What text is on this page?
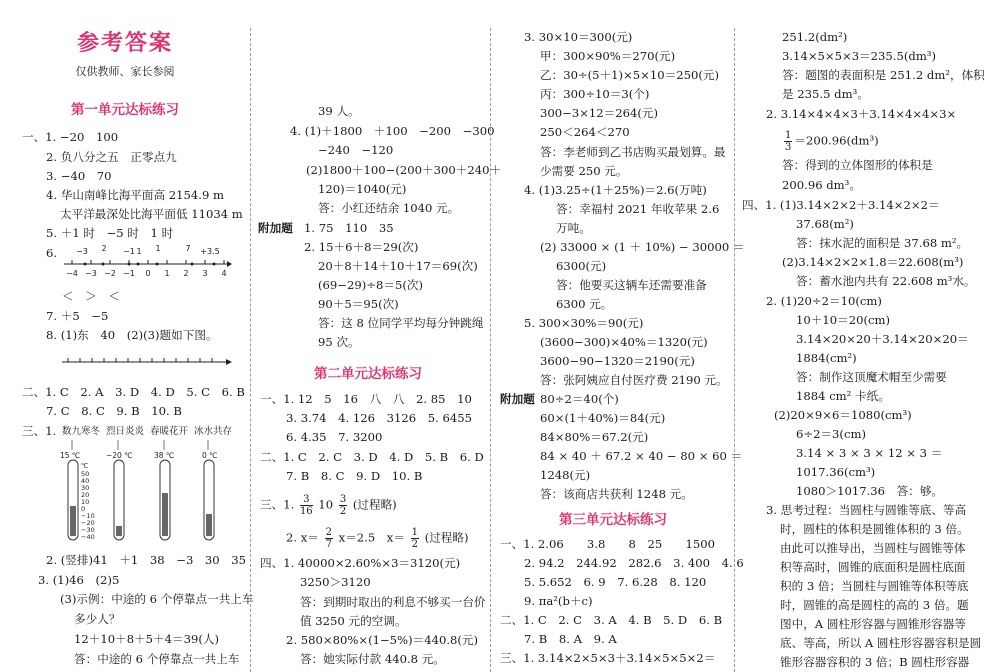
参考答案
仅供教师、家长参阅
第一单元达标练习
一、1. −20　100
2. 负八分之五　正零点九
3. −40　70
4. 华山南峰比海平面高 2154.9 m
太平洋最深处比海平面低 11034 m
5. ＋1 时　−5 时　1 时
6. −3 2 −1 1 1	7 +3.5
−4 −3 −2 −1 0 1 2 3 4
＜　＞　＜
7. ＋5　−5
8. (1)东　40　(2)(3)题如下图。
二、1. C　2. A　3. D　4. D　5. C　6. B
7. C　8. C　9. B　10. B
三、1. 数九寒冬 烈日炎炎 春暖花开 冰水共存
15 ℃	−20 ℃	38 ℃	0 ℃
℃
50
40
30
20
10
0
−10
−20
−30
−40
2. (竖排)41　＋1　38　−3　30　35
3. (1)46　(2)5
(3)示例：中途的 6 个停靠点一共上车
多少人？
12＋10＋8＋5＋4＝39(人)
答：中途的 6 个停靠点一共上车
39 人。
4. (1)＋1800　＋100　−200　−300
−240　−120
(2)1800＋100−(200＋300＋240＋
120)＝1040(元)
答：小红还结余 1040 元。
附加题 1. 75　110　35
2. 15＋6＋8＝29(次)
20＋8＋14＋10＋17＝69(次)
(69−29)÷8＝5(次)
90＋5＝95(次)
答：这 8 位同学平均每分钟跳绳
95 次。
第二单元达标练习
一、1. 12　5　16　八　八　2. 85　10
3. 3.74　4. 126　3126　5. 6455
6. 4.35　7. 3200
二、1. C　2. C　3. D　4. D　5. B　6. D
7. B　8. C　9. D　10. B
三、1. $\frac{3}{16} 10 \frac{3}{2}$ (过程略)
2. $x= \frac{2}{7} x=2.5$　$x= \frac{1}{2}$ (过程略)
四、1. 40000×2.60%×3＝3120(元)
3250＞3120
答：到期时取出的利息不够买一台价
值 3250 元的空调。
2. 580×80%×(1−5%)＝440.8(元)
答：她实际付款 440.8 元。
3. 30×10＝300(元)
甲：300×90%＝270(元)
乙：30÷(5＋1)×5×10＝250(元)
丙：300÷10＝3(个)
300−3×12＝264(元)
250＜264＜270
答：李老师到乙书店购买最划算。最
少需要 250 元。
4. (1)3.25÷(1＋25%)＝2.6(万吨)
答：幸福村 2021 年收苹果 2.6
万吨。
(2) 33000 × (1 ＋ 10%) − 30000 ＝
6300(元)
答：他要买这辆车还需要准备
6300 元。
5. 300×30%＝90(元)
(3600−300)×40%＝1320(元)
3600−90−1320＝2190(元)
答：张阿姨应自付医疗费 2190 元。
附加题 80÷2＝40(个)
60×(1＋40%)＝84(元)
84×80%＝67.2(元)
84 × 40 ＋ 67.2 × 40 − 80 × 60 ＝
1248(元)
答：该商店共获利 1248 元。
第三单元达标练习
一、1. 2.06　　3.8　　8　25　　1500
2. 94.2　244.92　282.6　3. 400　4. 6
5. 5.652　6. 9　7. 6.28　8. 120
9. πa²(b＋c)
二、1. C　2. C　3. A　4. B　5. D　6. B
7. B　8. A　9. A
三、1. 3.14×2×5×3＋3.14×5×5×2＝
251.2(dm²)
3.14×5×5×3＝235.5(dm³)
答：题图的表面积是 251.2 dm²，体积
是 235.5 dm³。
2. 3.14×4×4×3＋3.14×4×4×3×
$\frac{1}{3} =200.96(dm^3)$
答：得到的立体图形的体积是
200.96 dm³。
四、1. (1)3.14×2×2＋3.14×2×2＝
37.68(m²)
答：抹水泥的面积是 37.68 m²。
(2)3.14×2×2×1.8＝22.608(m³)
答：蓄水池内共有 22.608 m³水。
2. (1)20÷2＝10(cm)
10＋10＝20(cm)
3.14×20×20＋3.14×20×20＝
1884(cm²)
答：制作这顶魔术帽至少需要
1884 cm² 卡纸。
(2)20×9×6＝1080(cm³)
6÷2＝3(cm)
3.14 × 3 × 3 × 12 × 3 ＝
1017.36(cm³)
1080＞1017.36　答：够。
3. 思考过程：当圆柱与圆锥等底、等高
时，圆柱的体积是圆锥体积的 3 倍。
由此可以推导出，当圆柱与圆锥等体
积等高时，圆锥的底面积是圆柱底面
积的 3 倍；当圆柱与圆锥等体积等底
时，圆锥的高是圆柱的高的 3 倍。题
图中，A 圆柱形容器与圆锥形容器等
底、等高，所以 A 圆柱形容器容积是圆
锥形容器容积的 3 倍；B 圆柱形容器
